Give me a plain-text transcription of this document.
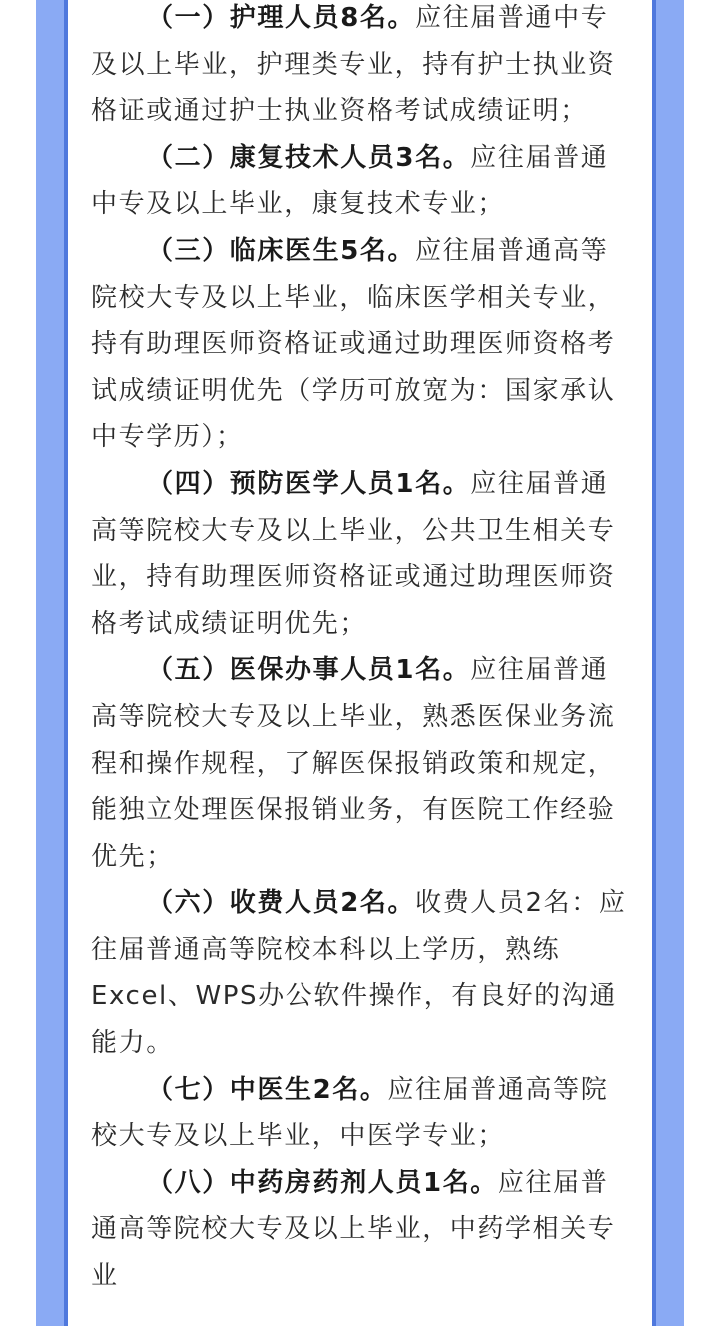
（一）护理人员8名。应往届普通中专及以上毕业，护理类专业，持有护士执业资格证或通过护士执业资格考试成绩证明；

（二）康复技术人员3名。应往届普通中专及以上毕业，康复技术专业；

（三）临床医生5名。应往届普通高等院校大专及以上毕业，临床医学相关专业，持有助理医师资格证或通过助理医师资格考试成绩证明优先（学历可放宽为：国家承认中专学历）；

（四）预防医学人员1名。应往届普通高等院校大专及以上毕业，公共卫生相关专业，持有助理医师资格证或通过助理医师资格考试成绩证明优先；

（五）医保办事人员1名。应往届普通高等院校大专及以上毕业，熟悉医保业务流程和操作规程，了解医保报销政策和规定，能独立处理医保报销业务，有医院工作经验优先；

（六）收费人员2名。收费人员2名：应往届普通高等院校本科以上学历，熟练Excel、WPS办公软件操作，有良好的沟通能力。

（七）中医生2名。应往届普通高等院校大专及以上毕业，中医学专业；

（八）中药房药剂人员1名。应往届普通高等院校大专及以上毕业，中药学相关专业
